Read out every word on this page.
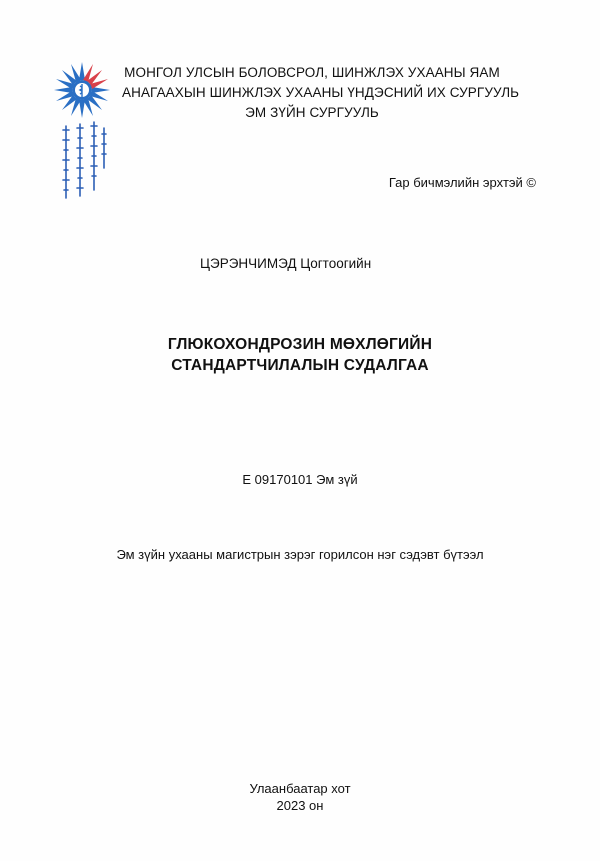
МОНГОЛ УЛСЫН БОЛОВСРОЛ, ШИНЖЛЭХ УХААНЫ ЯАМ
АНАГААХЫН ШИНЖЛЭХ УХААНЫ ҮНДЭСНИЙ ИХ СУРГУУЛЬ
ЭМ ЗҮЙН СУРГУУЛЬ
Гар бичмэлийн эрхтэй ©
ЦЭРЭНЧИМЭД Цогтоогийн
ГЛЮКОХОНДРОЗИН МӨХЛӨГИЙН
СТАНДАРТЧИЛАЛЫН СУДАЛГАА
Е 09170101 Эм зүй
Эм зүйн ухааны магистрын зэрэг горилсон нэг сэдэвт бүтээл
Улаанбаатар хот
2023 он
